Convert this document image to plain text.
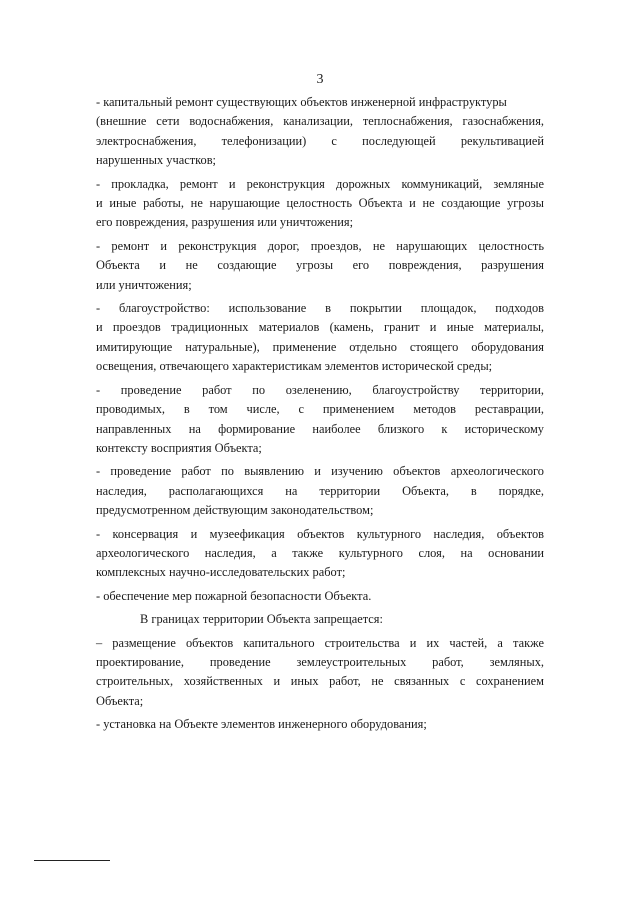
3
- капитальный ремонт существующих объектов инженерной инфраструктуры
(внешние сети водоснабжения, канализации, теплоснабжения, газоснабжения,
электроснабжения, телефонизации) с последующей рекультивацией
нарушенных участков;
- прокладка, ремонт и реконструкция дорожных коммуникаций, земляные
и иные работы, не нарушающие целостность Объекта и не создающие угрозы
его повреждения, разрушения или уничтожения;
- ремонт и реконструкция дорог, проездов, не нарушающих целостность
Объекта и не создающие угрозы его повреждения, разрушения
или уничтожения;
- благоустройство: использование в покрытии площадок, подходов
и проездов традиционных материалов (камень, гранит и иные материалы,
имитирующие натуральные), применение отдельно стоящего оборудования
освещения, отвечающего характеристикам элементов исторической среды;
- проведение работ по озеленению, благоустройству территории,
проводимых, в том числе, с применением методов реставрации,
направленных на формирование наиболее близкого к историческому
контексту восприятия Объекта;
- проведение работ по выявлению и изучению объектов археологического
наследия, располагающихся на территории Объекта, в порядке,
предусмотренном действующим законодательством;
- консервация и музеефикация объектов культурного наследия, объектов
археологического наследия, а также культурного слоя, на основании
комплексных научно-исследовательских работ;
- обеспечение мер пожарной безопасности Объекта.
В границах территории Объекта запрещается:
– размещение объектов капитального строительства и их частей, а также
проектирование, проведение землеустроительных работ, земляных,
строительных, хозяйственных и иных работ, не связанных с сохранением
Объекта;
- установка на Объекте элементов инженерного оборудования;
